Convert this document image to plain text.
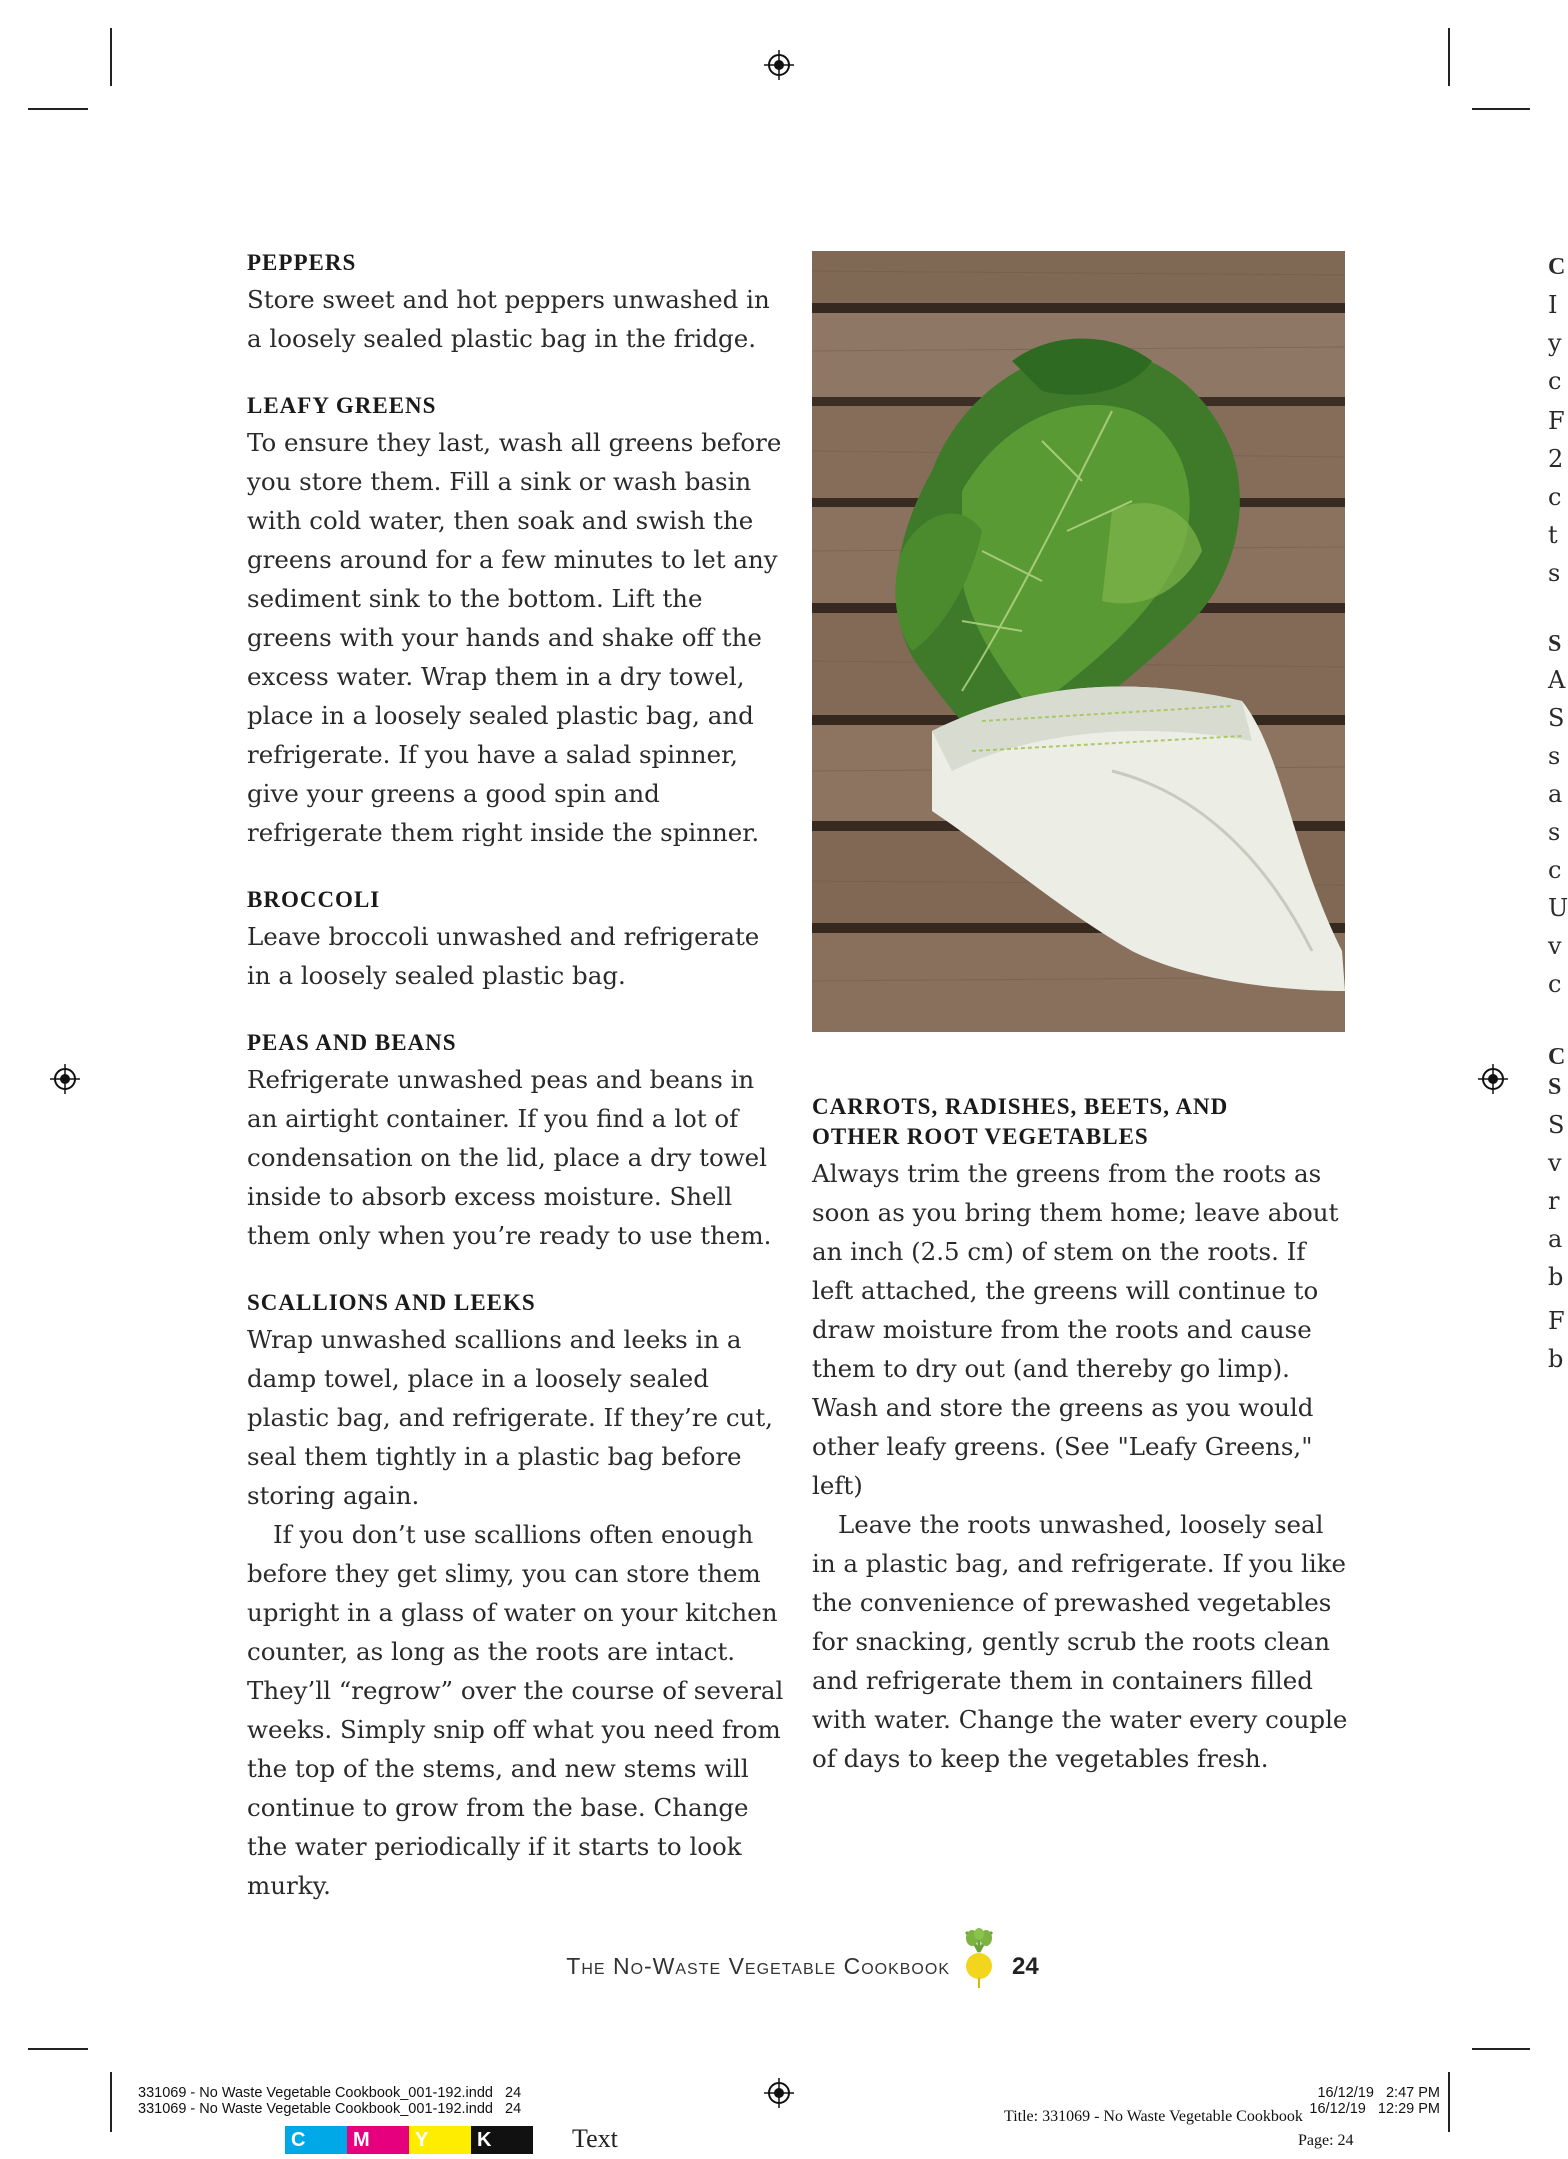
PEPPERS

Store sweet and hot peppers unwashed in a loosely sealed plastic bag in the fridge.

LEAFY GREENS

To ensure they last, wash all greens before you store them. Fill a sink or wash basin with cold water, then soak and swish the greens around for a few minutes to let any sediment sink to the bottom. Lift the greens with your hands and shake off the excess water. Wrap them in a dry towel, place in a loosely sealed plastic bag, and refrigerate. If you have a salad spinner, give your greens a good spin and refrigerate them right inside the spinner.

BROCCOLI

Leave broccoli unwashed and refrigerate in a loosely sealed plastic bag.

PEAS AND BEANS

Refrigerate unwashed peas and beans in an airtight container. If you find a lot of condensation on the lid, place a dry towel inside to absorb excess moisture. Shell them only when you’re ready to use them.

SCALLIONS AND LEEKS

Wrap unwashed scallions and leeks in a damp towel, place in a loosely sealed plastic bag, and refrigerate. If they’re cut, seal them tightly in a plastic bag before storing again.

If you don’t use scallions often enough before they get slimy, you can store them upright in a glass of water on your kitchen counter, as long as the roots are intact. They’ll “regrow” over the course of several weeks. Simply snip off what you need from the top of the stems, and new stems will continue to grow from the base. Change the water periodically if it starts to look murky.

CARROTS, RADISHES, BEETS, AND OTHER ROOT VEGETABLES

Always trim the greens from the roots as soon as you bring them home; leave about an inch (2.5 cm) of stem on the roots. If left attached, the greens will continue to draw moisture from the roots and cause them to dry out (and thereby go limp). Wash and store the greens as you would other leafy greens. (See "Leafy Greens," left)

Leave the roots unwashed, loosely seal in a plastic bag, and refrigerate. If you like the convenience of prewashed vegetables for snacking, gently scrub the roots clean and refrigerate them in containers filled with water. Change the water every couple of days to keep the vegetables fresh.

C
I
y
c
F
2
c
t
s
S
A
S
s
a
s
c
U
v
c
C
S
S
v
r
a
b
F
b
The No-Waste Vegetable Cookbook	24
331069 - No Waste Vegetable Cookbook_001-192.indd   24
331069 - No Waste Vegetable Cookbook_001-192.indd   24
16/12/19   2:47 PM
16/12/19   12:29 PM
Title: 331069 - No Waste Vegetable Cookbook
Page: 24
C	M	Y	K	Text
